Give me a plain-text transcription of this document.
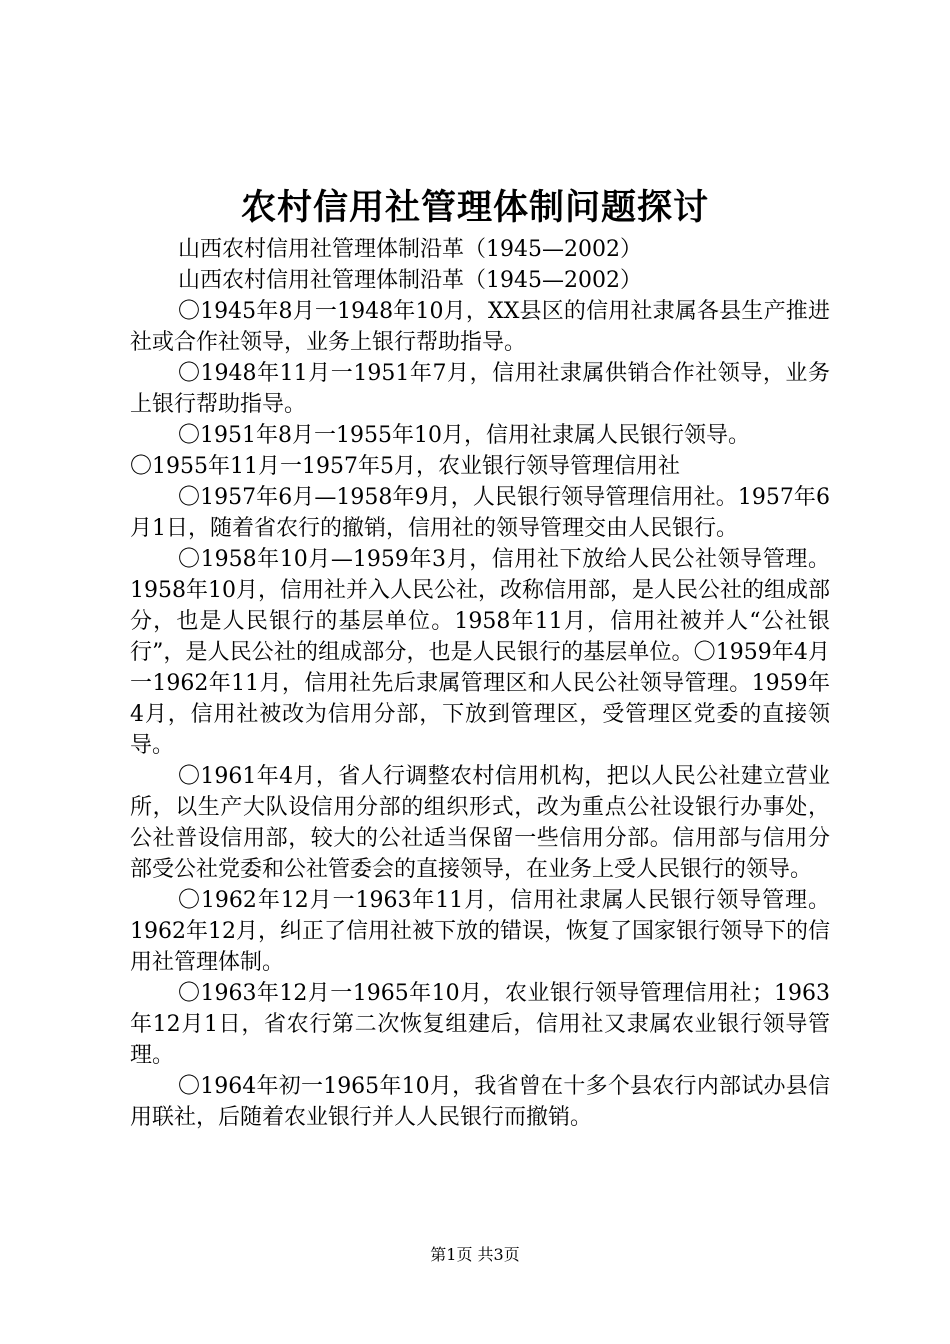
农村信用社管理体制问题探讨

山西农村信用社管理体制沿革（1945—2002）

山西农村信用社管理体制沿革（1945—2002）

〇1945年8月一1948年10月，XX县区的信用社隶属各县生产推进社或合作社领导，业务上银行帮助指导。

〇1948年11月一1951年7月，信用社隶属供销合作社领导，业务上银行帮助指导。

〇1951年8月一1955年10月，信用社隶属人民银行领导。

〇1955年11月一1957年5月，农业银行领导管理信用社

〇1957年6月—1958年9月，人民银行领导管理信用社。1957年6月1日，随着省农行的撤销，信用社的领导管理交由人民银行。

〇1958年10月—1959年3月，信用社下放给人民公社领导管理。1958年10月，信用社并入人民公社，改称信用部，是人民公社的组成部分，也是人民银行的基层单位。1958年11月，信用社被并人“公社银行”，是人民公社的组成部分，也是人民银行的基层单位。〇1959年4月一1962年11月，信用社先后隶属管理区和人民公社领导管理。1959年4月，信用社被改为信用分部，下放到管理区，受管理区党委的直接领导。

〇1961年4月，省人行调整农村信用机构，把以人民公社建立营业所，以生产大队设信用分部的组织形式，改为重点公社设银行办事处，公社普设信用部，较大的公社适当保留一些信用分部。信用部与信用分部受公社党委和公社管委会的直接领导，在业务上受人民银行的领导。

〇1962年12月一1963年11月，信用社隶属人民银行领导管理。1962年12月，纠正了信用社被下放的错误，恢复了国家银行领导下的信用社管理体制。

〇1963年12月一1965年10月，农业银行领导管理信用社；1963年12月1日，省农行第二次恢复组建后，信用社又隶属农业银行领导管理。

〇1964年初一1965年10月，我省曾在十多个县农行内部试办县信用联社，后随着农业银行并人人民银行而撤销。

第1页 共3页
